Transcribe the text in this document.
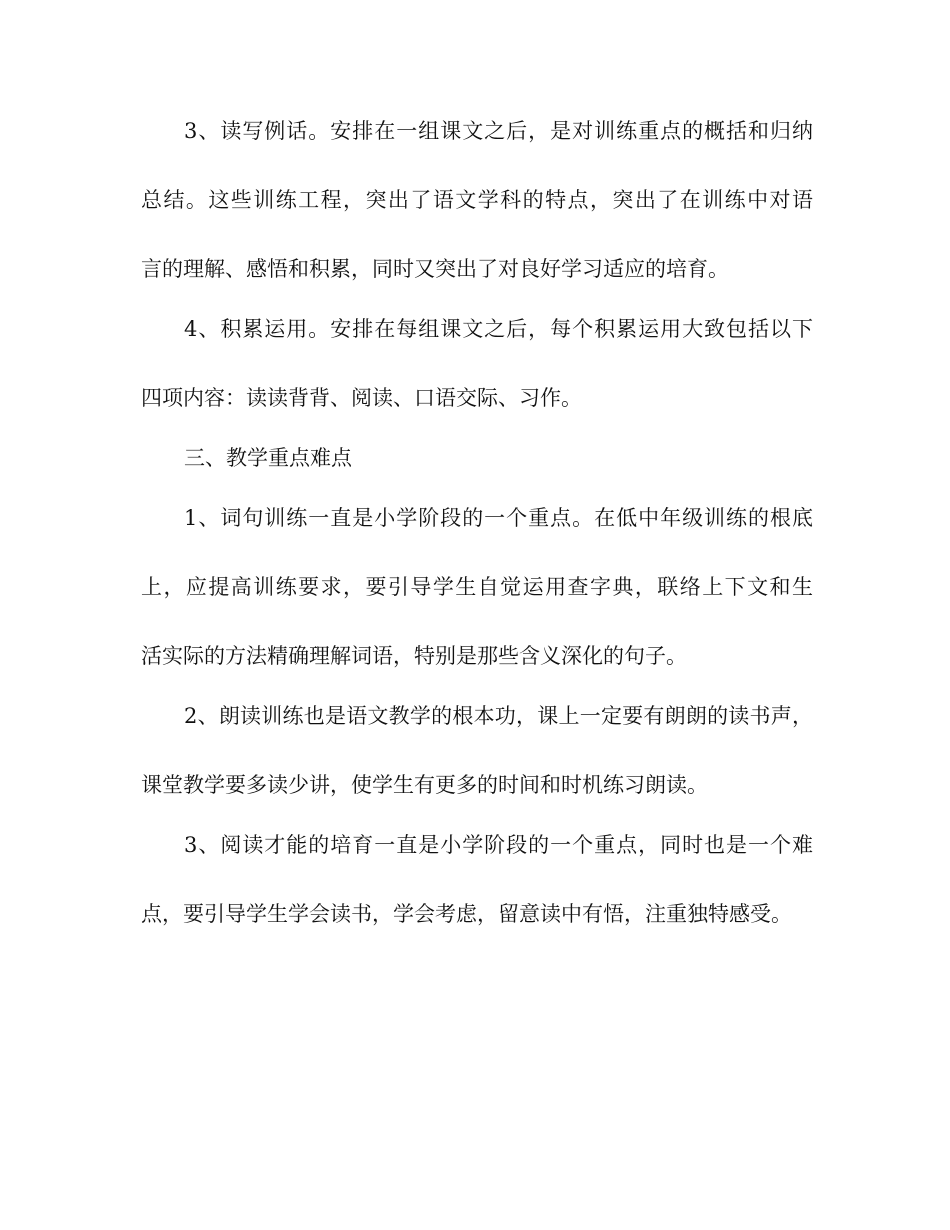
3、读写例话。安排在一组课文之后，是对训练重点的概括和归纳
总结。这些训练工程，突出了语文学科的特点，突出了在训练中对语
言的理解、感悟和积累，同时又突出了对良好学习适应的培育。
4、积累运用。安排在每组课文之后，每个积累运用大致包括以下
四项内容：读读背背、阅读、口语交际、习作。
三、教学重点难点
1、词句训练一直是小学阶段的一个重点。在低中年级训练的根底
上，应提高训练要求，要引导学生自觉运用查字典，联络上下文和生
活实际的方法精确理解词语，特别是那些含义深化的句子。
2、朗读训练也是语文教学的根本功，课上一定要有朗朗的读书声，
课堂教学要多读少讲，使学生有更多的时间和时机练习朗读。
3、阅读才能的培育一直是小学阶段的一个重点，同时也是一个难
点，要引导学生学会读书，学会考虑，留意读中有悟，注重独特感受。
